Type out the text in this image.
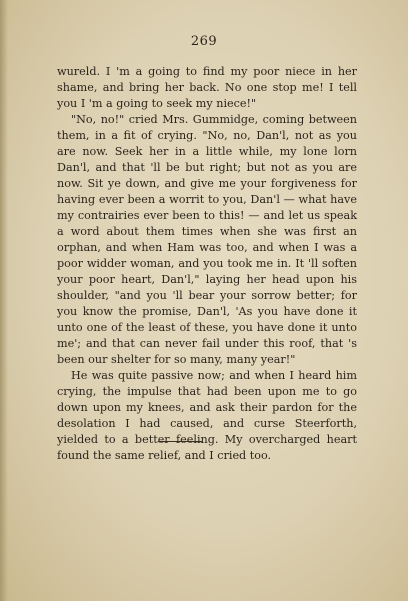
269

wureld. I 'm a going to find my poor niece in her shame, and bring her back. No one stop me! I tell you I 'm a going to seek my niece!"

"No, no!" cried Mrs. Gummidge, coming between them, in a fit of crying. "No, no, Dan'l, not as you are now. Seek her in a little while, my lone lorn Dan'l, and that 'll be but right; but not as you are now. Sit ye down, and give me your forgiveness for having ever been a worrit to you, Dan'l — what have my contrairies ever been to this! — and let us speak a word about them times when she was first an orphan, and when Ham was too, and when I was a poor widder woman, and you took me in. It 'll soften your poor heart, Dan'l," laying her head upon his shoulder, "and you 'll bear your sorrow better; for you know the promise, Dan'l, 'As you have done it unto one of the least of these, you have done it unto me'; and that can never fail under this roof, that 's been our shelter for so many, many year!"

He was quite passive now; and when I heard him crying, the impulse that had been upon me to go down upon my knees, and ask their pardon for the desolation I had caused, and curse Steerforth, yielded to a better feeling. My overcharged heart found the same relief, and I cried too.
